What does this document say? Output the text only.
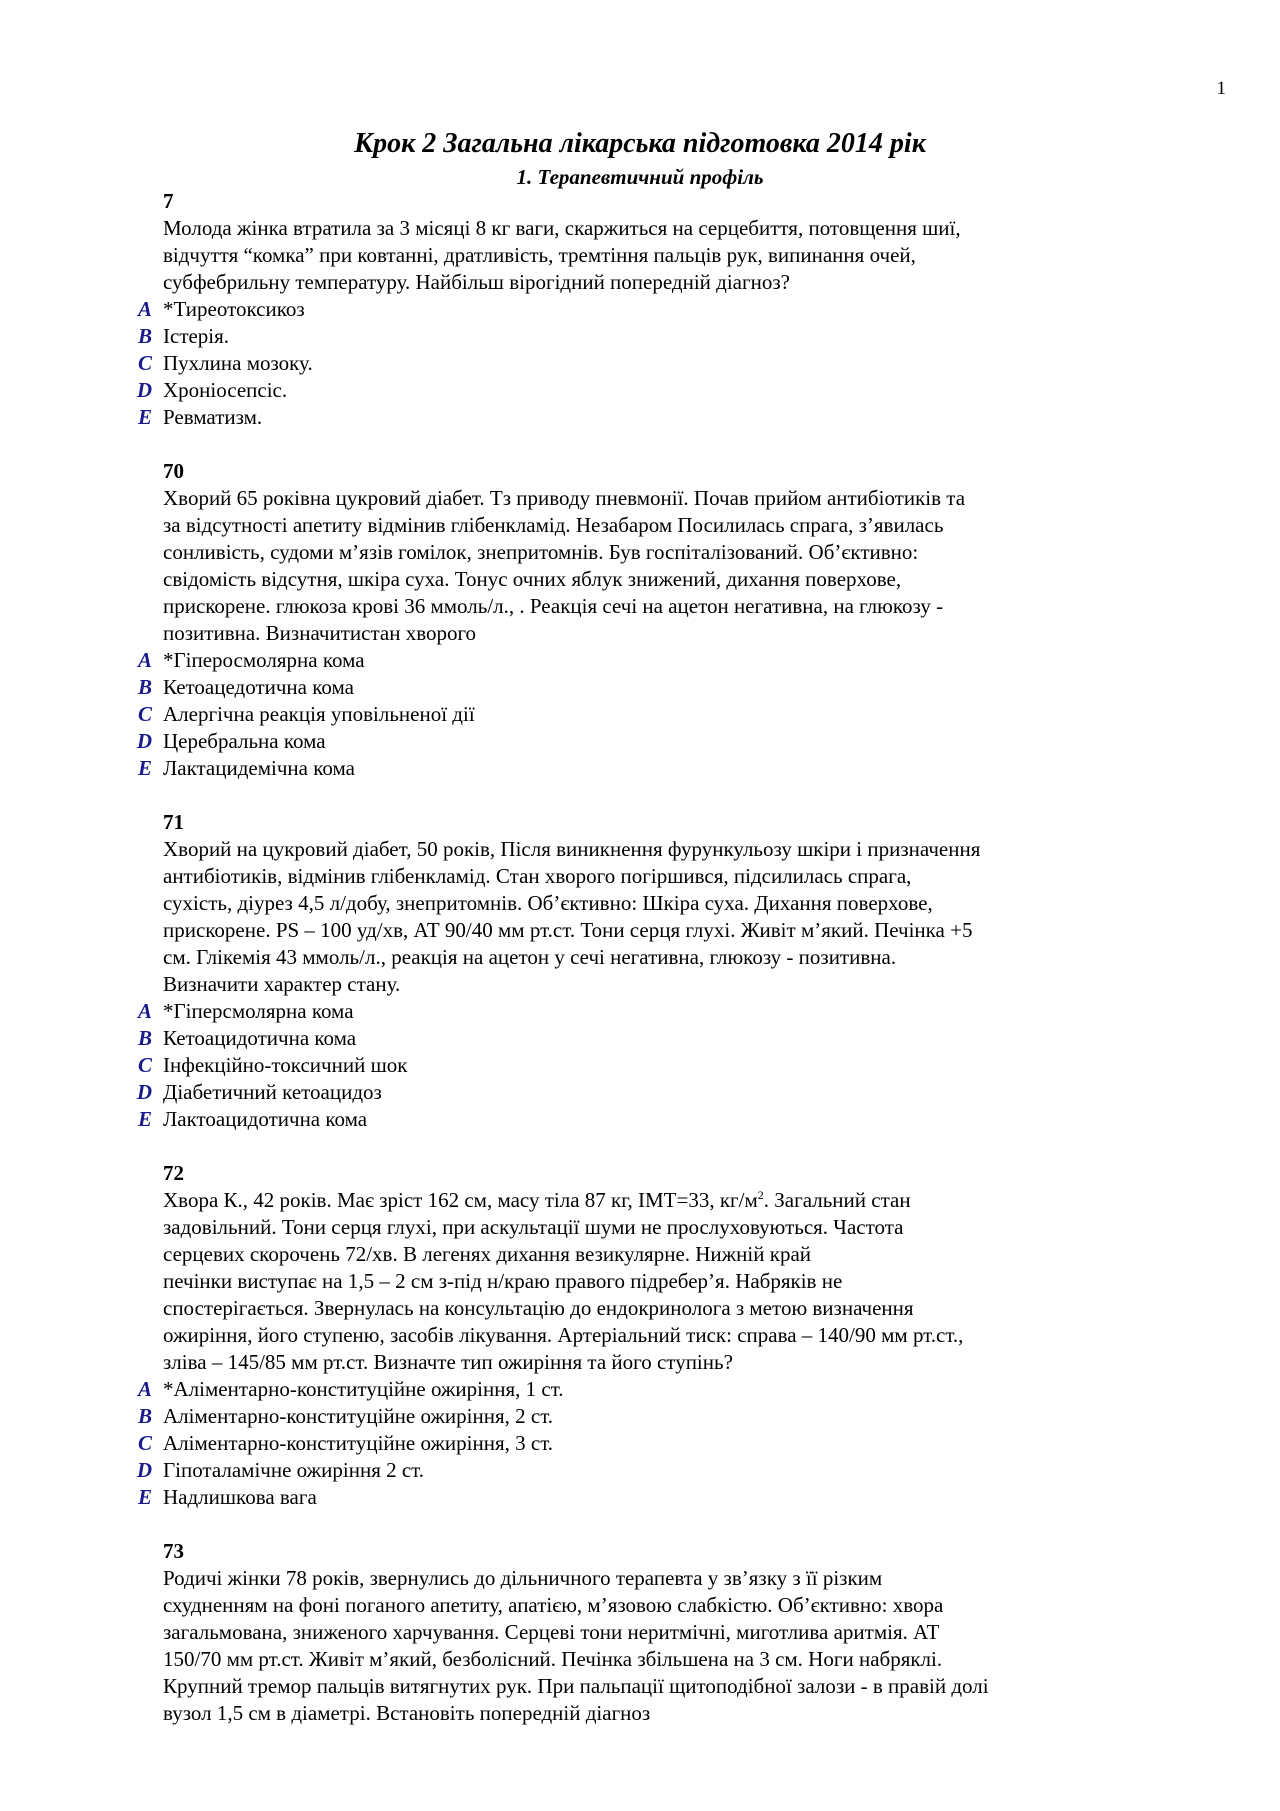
1
Крок 2 Загальна лікарська підготовка 2014 рік
1. Терапевтичний профіль
7
Молода жінка втратила за 3 місяці 8 кг ваги, скаржиться на серцебиття, потовщення шиї,
відчуття “комка” при ковтанні, дратливість, тремтіння пальців рук, випинання очей,
субфебрильну температуру. Найбільш вірогідний попередній діагноз?
A *Тиреотоксикоз
B Істерія.
C Пухлина мозоку.
D Хроніосепсіс.
E Ревматизм.
70
Хворий 65 роківна цукровий діабет. Тз приводу пневмонії. Почав прийом антибіотиків та
за відсутності апетиту відмінив глібенкламід. Незабаром Посилилась спрага, з’явилась
сонливість, судоми м’язів гомілок, знепритомнів. Був госпіталізований. Об’єктивно:
свідомість відсутня, шкіра суха. Тонус очних яблук знижений, дихання поверхове,
прискорене. глюкоза крові 36 ммоль/л., . Реакція сечі на ацетон негативна, на глюкозу -
позитивна. Визначитистан хворого
A *Гіперосмолярна кома
B Кетоацедотична кома
C Алергічна реакція уповільненої дії
D Церебральна кома
E Лактацидемічна кома
71
Хворий на цукровий діабет, 50 років, Після виникнення фурункульозу шкіри і призначення
антибіотиків, відмінив глібенкламід. Стан хворого погіршився, підсилилась спрага,
сухість, діурез 4,5 л/добу, знепритомнів. Об’єктивно: Шкіра суха. Дихання поверхове,
прискорене. PS – 100 уд/хв, АТ 90/40 мм рт.ст. Тони серця глухі. Живіт м’який. Печінка +5
см. Глікемія 43 ммоль/л., реакція на ацетон у сечі негативна, глюкозу - позитивна.
Визначити характер стану.
A *Гіперсмолярна кома
B Кетоацидотична кома
C Інфекційно-токсичний шок
D Діабетичний кетоацидоз
E Лактоацидотична кома
72
Хвора К., 42 років. Має зріст 162 см, масу тіла 87 кг, ІМТ=33, $кг/м^2$. Загальний стан
задовільний. Тони серця глухі, при аскультації шуми не прослуховуються. Частота
серцевих скорочень 72/хв. В легенях дихання везикулярне. Нижній край
печінки виступає на 1,5 – 2 см з-під н/краю правого підребер’я. Набряків не
спостерігається. Звернулась на консультацію до ендокринолога з метою визначення
ожиріння, його ступеню, засобів лікування. Артеріальний тиск: справа – 140/90 мм рт.ст.,
зліва – 145/85 мм рт.ст. Визначте тип ожиріння та його ступінь?
A *Аліментарно-конституційне ожиріння, 1 ст.
B Аліментарно-конституційне ожиріння, 2 ст.
C Аліментарно-конституційне ожиріння, 3 ст.
D Гіпоталамічне ожиріння 2 ст.
E Надлишкова вага
73
Родичі жінки 78 років, звернулись до дільничного терапевта у зв’язку з її різким
схудненням на фоні поганого апетиту, апатією, м’язовою слабкістю. Об’єктивно: хвора
загальмована, зниженого харчування. Серцеві тони неритмічні, миготлива аритмія. АТ
150/70 мм рт.ст. Живіт м’який, безболісний. Печінка збільшена на 3 см. Ноги набряклі.
Крупний тремор пальців витягнутих рук. При пальпації щитоподібної залози - в правій долі
вузол 1,5 см в діаметрі. Встановіть попередній діагноз
